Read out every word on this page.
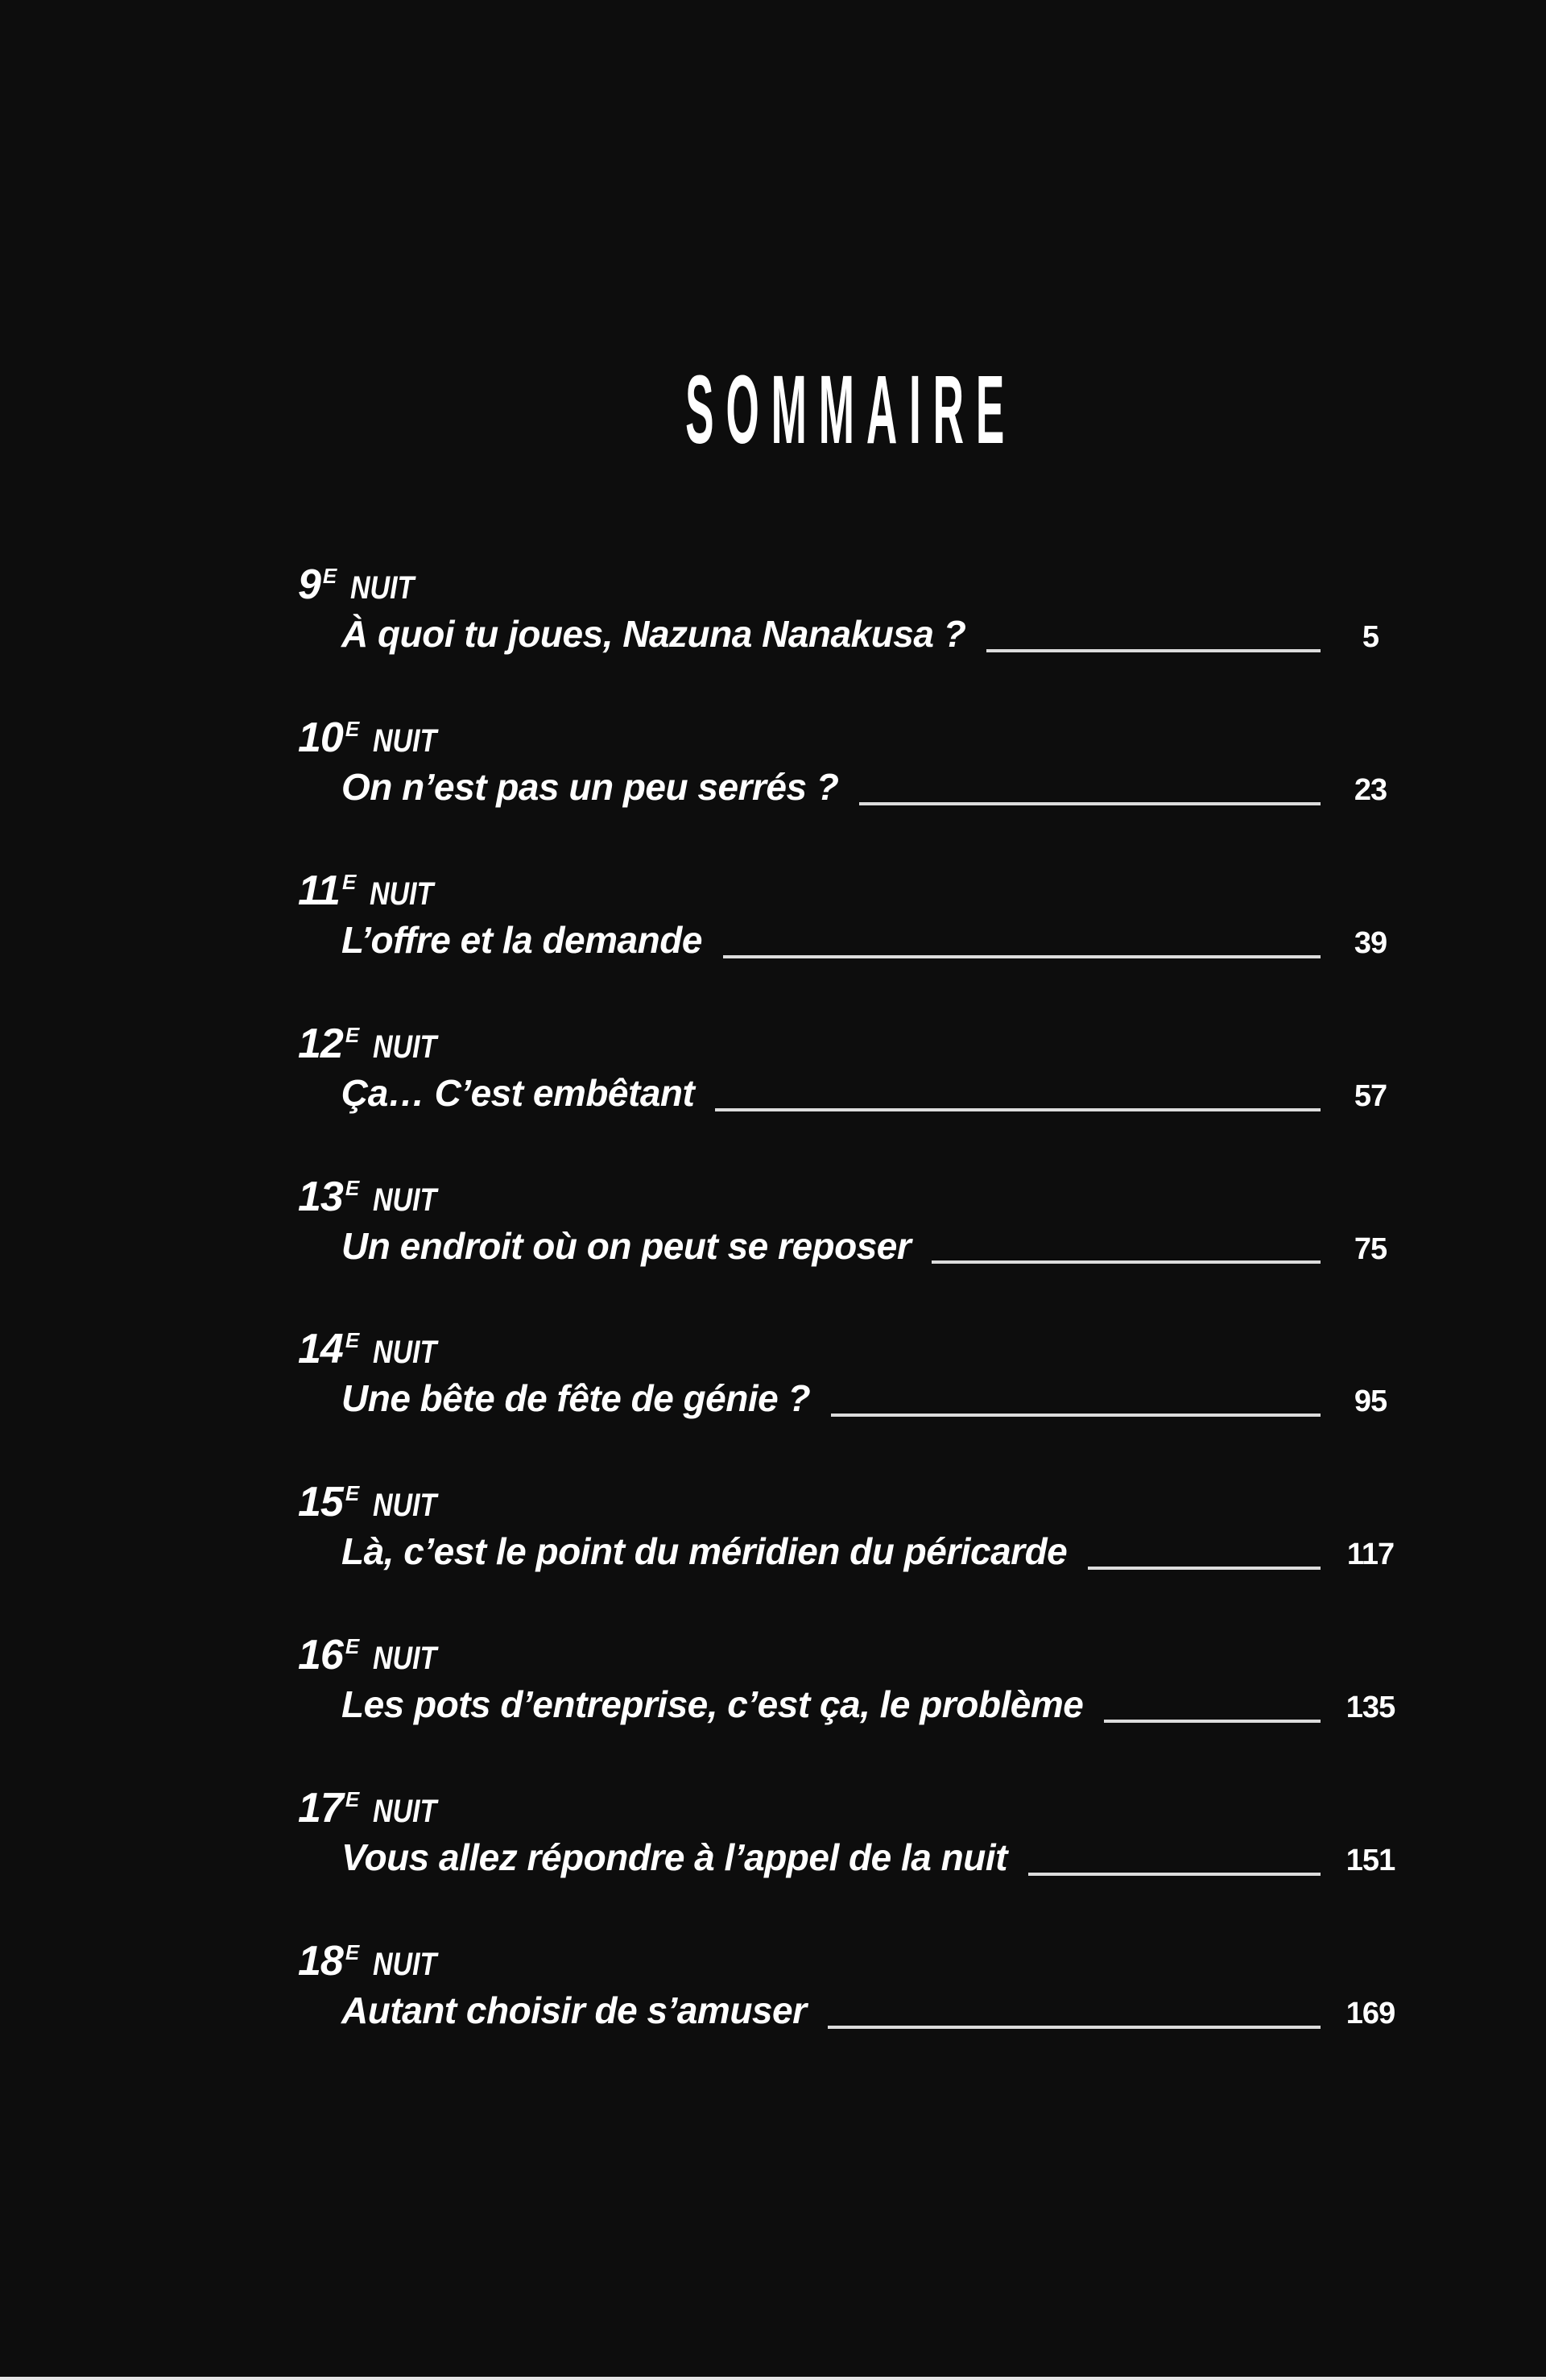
SOMMAIRE
9 E NUIT
À quoi tu joues, Nazuna Nanakusa ?	5
10 E NUIT
On n’est pas un peu serrés ?	23
11 E NUIT
L’offre et la demande	39
12 E NUIT
Ça… C’est embêtant	57
13 E NUIT
Un endroit où on peut se reposer	75
14 E NUIT
Une bête de fête de génie ?	95
15 E NUIT
Là, c’est le point du méridien du péricarde	117
16 E NUIT
Les pots d’entreprise, c’est ça, le problème	135
17 E NUIT
Vous allez répondre à l’appel de la nuit	151
18 E NUIT
Autant choisir de s’amuser	169
